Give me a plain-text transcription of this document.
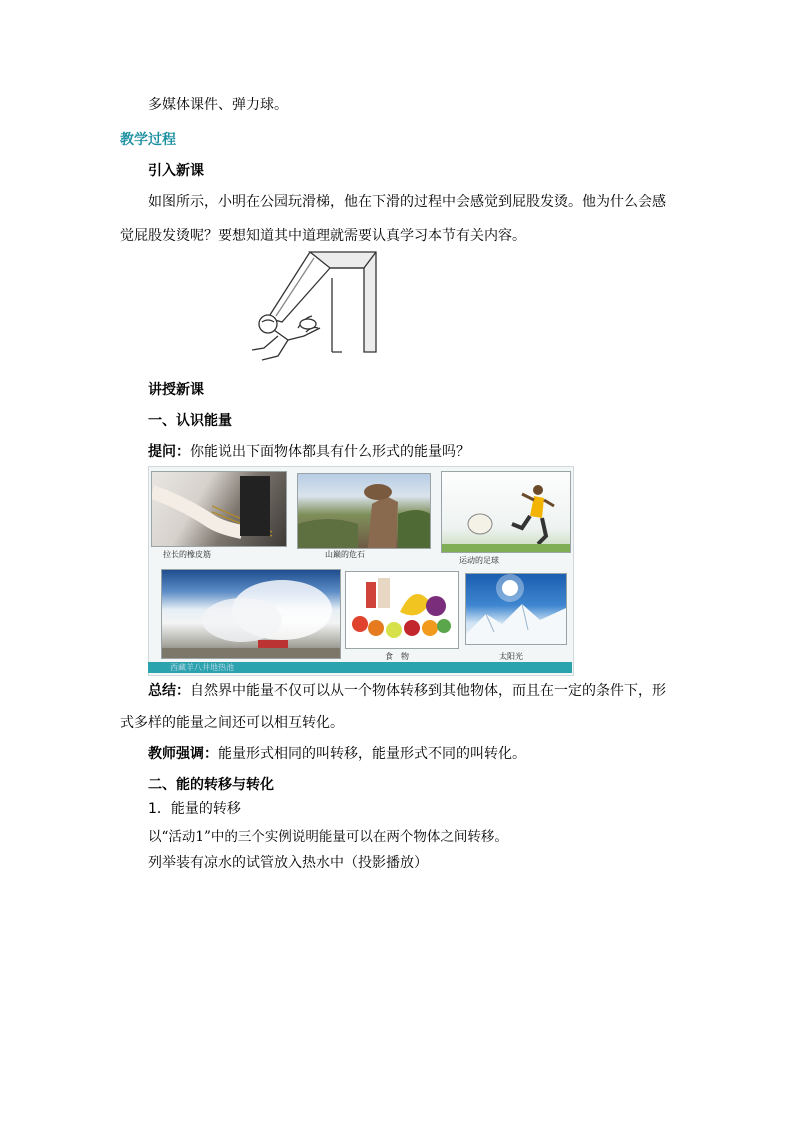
多媒体课件、弹力球。
教学过程
引入新课
如图所示，小明在公园玩滑梯，他在下滑的过程中会感觉到屁股发烫。他为什么会感
觉屁股发烫呢？要想知道其中道理就需要认真学习本节有关内容。
讲授新课
一、认识能量
提问：你能说出下面物体都具有什么形式的能量吗？
拉长的橡皮筋	山巅的危石
运动的足球
食　物	太阳光
西藏羊八井地热池
总结：自然界中能量不仅可以从一个物体转移到其他物体，而且在一定的条件下，形
式多样的能量之间还可以相互转化。
教师强调：能量形式相同的叫转移，能量形式不同的叫转化。
二、能的转移与转化
1．能量的转移
以“活动1”中的三个实例说明能量可以在两个物体之间转移。
列举装有凉水的试管放入热水中（投影播放）
